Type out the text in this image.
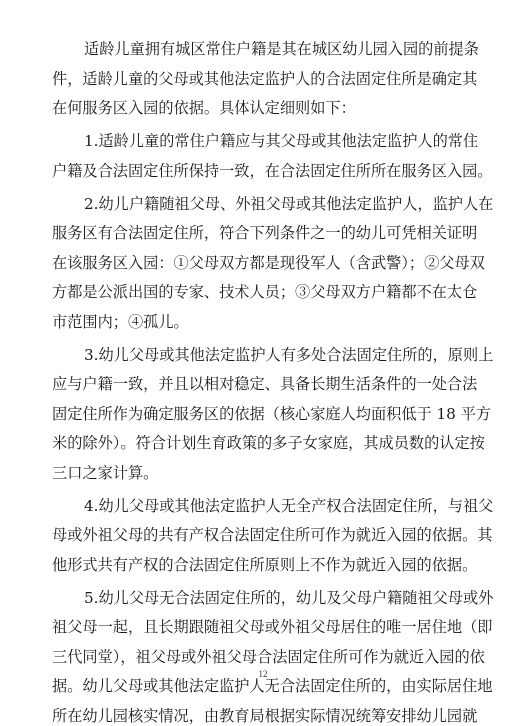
适龄儿童拥有城区常住户籍是其在城区幼儿园入园的前提条
件，适龄儿童的父母或其他法定监护人的合法固定住所是确定其
在何服务区入园的依据。具体认定细则如下：
1.适龄儿童的常住户籍应与其父母或其他法定监护人的常住
户籍及合法固定住所保持一致，在合法固定住所所在服务区入园。
2.幼儿户籍随祖父母、外祖父母或其他法定监护人，监护人在
服务区有合法固定住所，符合下列条件之一的幼儿可凭相关证明
在该服务区入园：①父母双方都是现役军人（含武警）；②父母双
方都是公派出国的专家、技术人员；③父母双方户籍都不在太仓
市范围内；④孤儿。
3.幼儿父母或其他法定监护人有多处合法固定住所的，原则上
应与户籍一致，并且以相对稳定、具备长期生活条件的一处合法
固定住所作为确定服务区的依据（核心家庭人均面积低于 18 平方
米的除外）。符合计划生育政策的多子女家庭，其成员数的认定按
三口之家计算。
4.幼儿父母或其他法定监护人无全产权合法固定住所，与祖父
母或外祖父母的共有产权合法固定住所可作为就近入园的依据。其
他形式共有产权的合法固定住所原则上不作为就近入园的依据。
5.幼儿父母无合法固定住所的，幼儿及父母户籍随祖父母或外
祖父母一起，且长期跟随祖父母或外祖父母居住的唯一居住地（即
三代同堂），祖父母或外祖父母合法固定住所可作为就近入园的依
据。幼儿父母或其他法定监护人无合法固定住所的，由实际居住地
所在幼儿园核实情况，由教育局根据实际情况统筹安排幼儿园就
12
